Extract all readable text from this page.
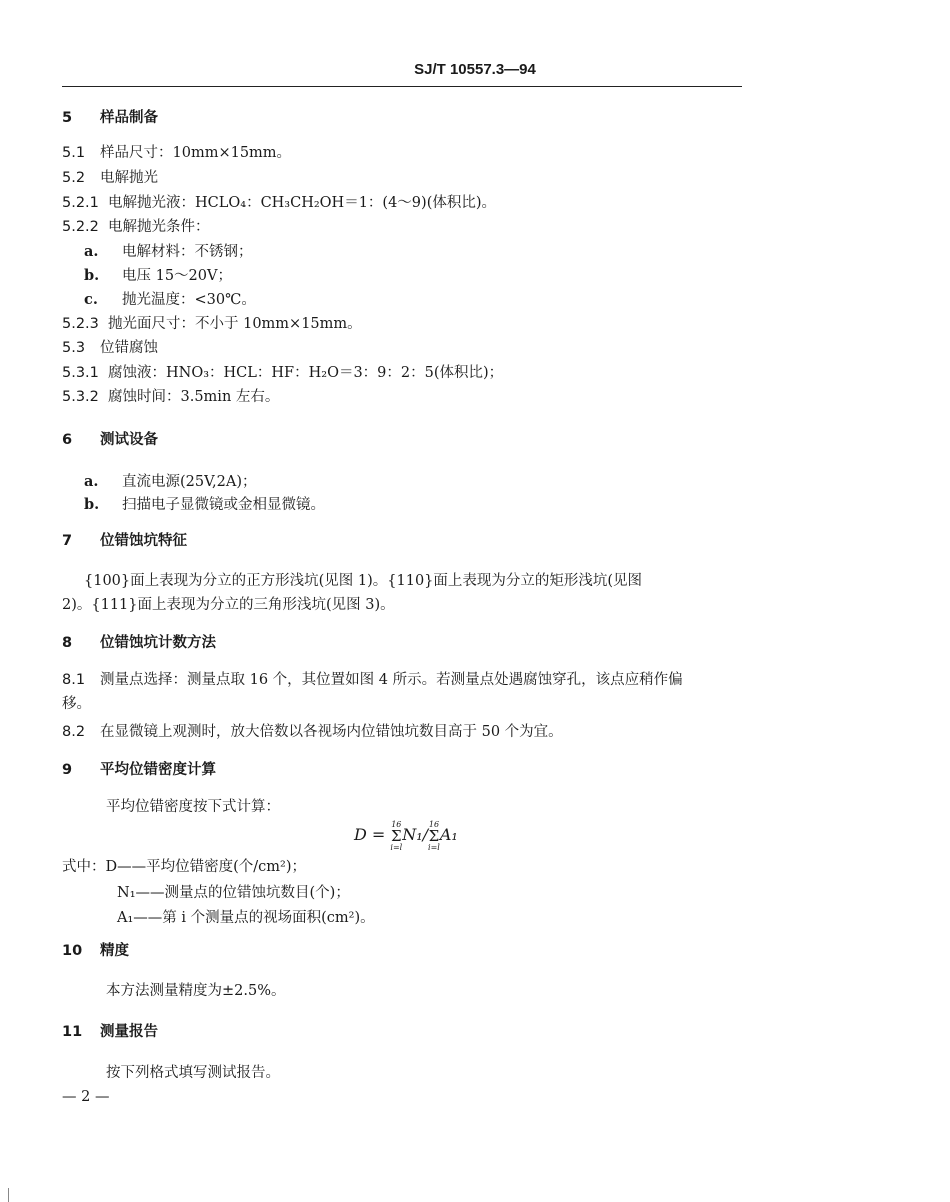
SJ/T 10557.3—94
5 样品制备
5.1 样品尺寸：10mm×15mm。
5.2 电解抛光
5.2.1 电解抛光液：HCLO₄：CH₃CH₂OH＝1：(4～9)(体积比)。
5.2.2 电解抛光条件：
a. 电解材料：不锈钢；
b. 电压 15～20V；
c. 抛光温度：<30℃。
5.2.3 抛光面尺寸：不小于 10mm×15mm。
5.3 位错腐蚀
5.3.1 腐蚀液：HNO₃：HCL：HF：H₂O＝3：9：2：5(体积比)；
5.3.2 腐蚀时间：3.5min 左右。
6 测试设备
a. 直流电源(25V,2A)；
b. 扫描电子显微镜或金相显微镜。
7 位错蚀坑特征
{100}面上表现为分立的正方形浅坑(见图 1)。{110}面上表现为分立的矩形浅坑(见图
2)。{111}面上表现为分立的三角形浅坑(见图 3)。
8 位错蚀坑计数方法
8.1 测量点选择：测量点取 16 个，其位置如图 4 所示。若测量点处遇腐蚀穿孔，该点应稍作偏
移。
8.2 在显微镜上观测时，放大倍数以各视场内位错蚀坑数目高于 50 个为宜。
9 平均位错密度计算
平均位错密度按下式计算：
D =
16
Σ
i=l
N₁/
16
Σ
i=l
A₁
式中：D——平均位错密度(个/cm²)；
N₁——测量点的位错蚀坑数目(个)；
A₁——第 i 个测量点的视场面积(cm²)。
10 精度
本方法测量精度为±2.5%。
11 测量报告
按下列格式填写测试报告。
— 2 —
